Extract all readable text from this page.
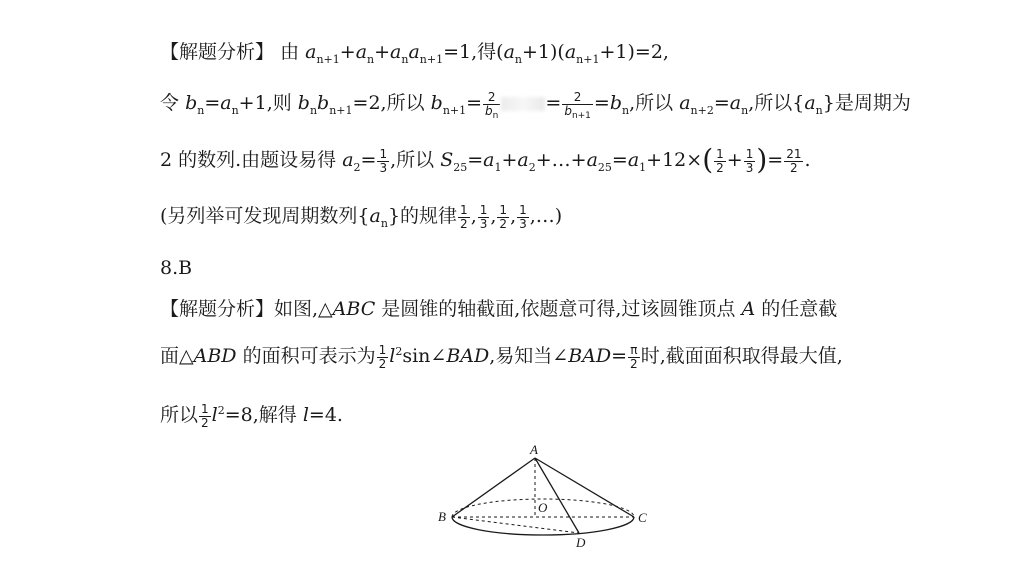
【解题分析】 由 $a_{n+1}+a_n+a_na_{n+1}=1$,得$(a_n+1)(a_{n+1}+1)=2$,
令 $b_n=a_n+1$,则 $b_nb_{n+1}=2$,所以 $b_{n+1}= \frac{2}{b_n} = \frac{2}{b_{n+1}} =b_n$,所以 $a_{n+2}=a_n$,所以$\{a_n\}$是周期为
2 的数列.由题设易得 $a_2= \frac{1}{3}$ ,所以 $S_{25}=a_1+a_2+\dots+a_{25}=a_1+12\times( \frac{1}{2} + \frac{1}{3}$ )= $\frac{21}{2}$ .
(另列举可发现周期数列$\{a_n\}$的规律 $\frac{1}{2}$ , $\frac{1}{3}$ , $\frac{1}{2}$ , $\frac{1}{3}$ ,…)
8.B
【解题分析】如图,△ABC 是圆锥的轴截面,依题意可得,过该圆锥顶点 A 的任意截
面△ABD 的面积可表示为 $\frac{1}{2}$ $l^2\sin\angle BAD$,易知当∠BAD= $\frac{\pi}{2}$ 时,截面面积取得最大值,
所以 $\frac{1}{2} l^2=8$,解得 l=4.
A
B	C
O
D
